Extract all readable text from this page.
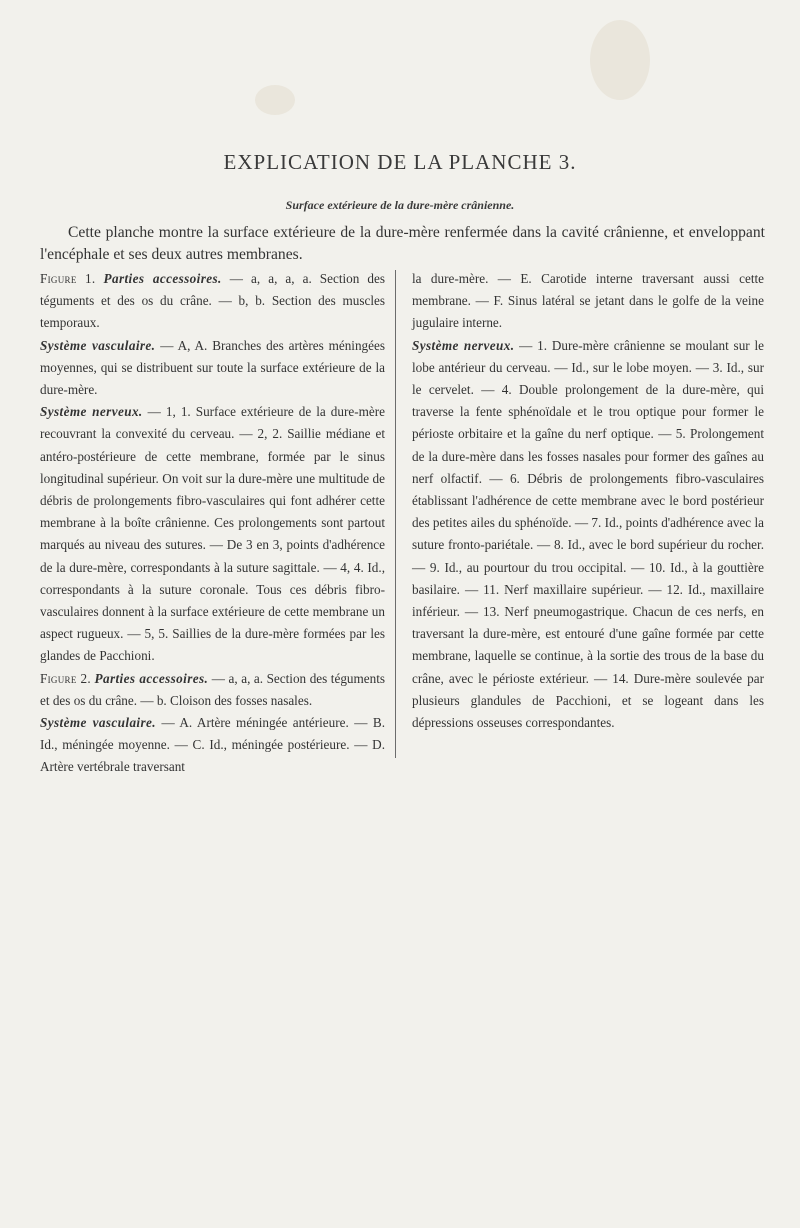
EXPLICATION DE LA PLANCHE 3.
Surface extérieure de la dure-mère crânienne.
Cette planche montre la surface extérieure de la dure-mère renfermée dans la cavité crânienne, et enveloppant l'encéphale et ses deux autres membranes.

Figure 1. Parties accessoires. — a, a, a, a. Section des téguments et des os du crâne. — b, b. Section des muscles temporaux.

Système vasculaire. — A, A. Branches des artères méningées moyennes, qui se distribuent sur toute la surface extérieure de la dure-mère.

Système nerveux. — 1, 1. Surface extérieure de la dure-mère recouvrant la convexité du cerveau. — 2, 2. Saillie médiane et antéro-postérieure de cette membrane, formée par le sinus longitudinal supérieur. On voit sur la dure-mère une multitude de débris de prolongements fibro-vasculaires qui font adhérer cette membrane à la boîte crânienne. Ces prolongements sont partout marqués au niveau des sutures. — De 3 en 3, points d'adhérence de la dure-mère, correspondants à la suture sagittale. — 4, 4. Id., correspondants à la suture coronale. Tous ces débris fibro-vasculaires donnent à la surface extérieure de cette membrane un aspect rugueux. — 5, 5. Saillies de la dure-mère formées par les glandes de Pacchioni.

Figure 2. Parties accessoires. — a, a, a. Section des téguments et des os du crâne. — b. Cloison des fosses nasales.

Système vasculaire. — A. Artère méningée antérieure. — B. Id., méningée moyenne. — C. Id., méningée postérieure. — D. Artère vertébrale traversant

la dure-mère. — E. Carotide interne traversant aussi cette membrane. — F. Sinus latéral se jetant dans le golfe de la veine jugulaire interne.

Système nerveux. — 1. Dure-mère crânienne se moulant sur le lobe antérieur du cerveau. — Id., sur le lobe moyen. — 3. Id., sur le cervelet. — 4. Double prolongement de la dure-mère, qui traverse la fente sphénoïdale et le trou optique pour former le périoste orbitaire et la gaîne du nerf optique. — 5. Prolongement de la dure-mère dans les fosses nasales pour former des gaînes au nerf olfactif. — 6. Débris de prolongements fibro-vasculaires établissant l'adhérence de cette membrane avec le bord postérieur des petites ailes du sphénoïde. — 7. Id., points d'adhérence avec la suture fronto-pariétale. — 8. Id., avec le bord supérieur du rocher. — 9. Id., au pourtour du trou occipital. — 10. Id., à la gouttière basilaire. — 11. Nerf maxillaire supérieur. — 12. Id., maxillaire inférieur. — 13. Nerf pneumogastrique. Chacun de ces nerfs, en traversant la dure-mère, est entouré d'une gaîne formée par cette membrane, laquelle se continue, à la sortie des trous de la base du crâne, avec le périoste extérieur. — 14. Dure-mère soulevée par plusieurs glandules de Pacchioni, et se logeant dans les dépressions osseuses correspondantes.
